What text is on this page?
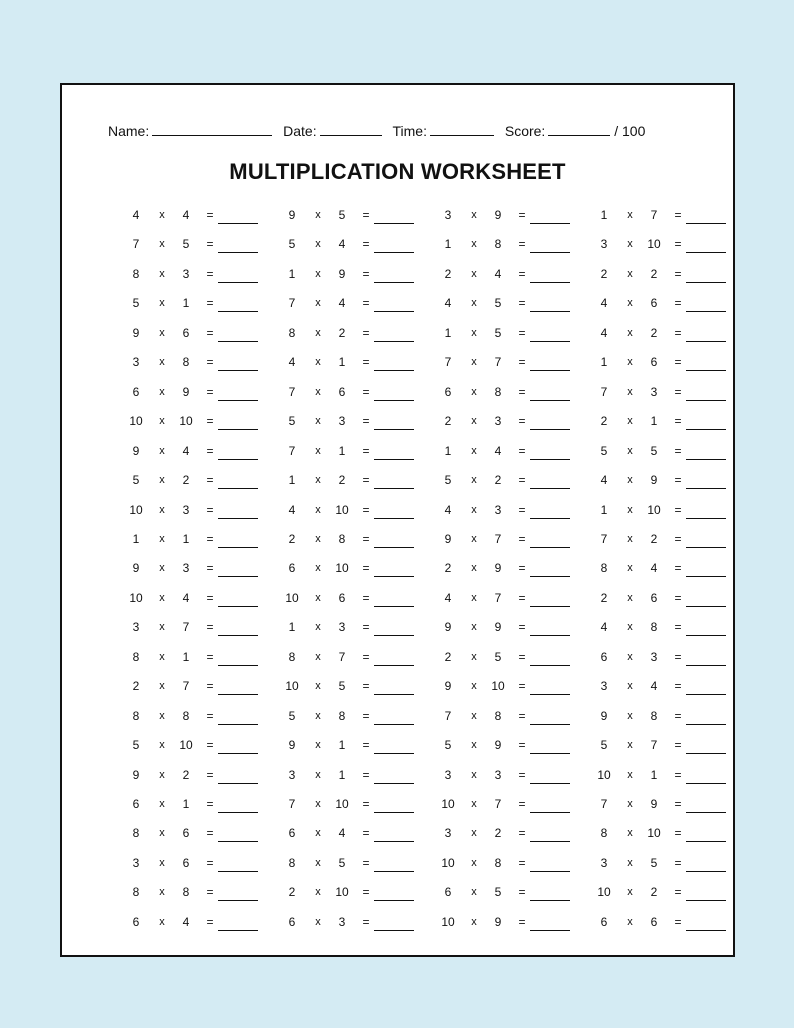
Name:	Date:	Time:	Score:	/ 100
MULTIPLICATION WORKSHEET
4	x	4	=
7	x	5	=
8	x	3	=
5	x	1	=
9	x	6	=
3	x	8	=
6	x	9	=
10	x	10	=
9	x	4	=
5	x	2	=
10	x	3	=
1	x	1	=
9	x	3	=
10	x	4	=
3	x	7	=
8	x	1	=
2	x	7	=
8	x	8	=
5	x	10	=
9	x	2	=
6	x	1	=
8	x	6	=
3	x	6	=
8	x	8	=
6	x	4	=
9	x	5	=
5	x	4	=
1	x	9	=
7	x	4	=
8	x	2	=
4	x	1	=
7	x	6	=
5	x	3	=
7	x	1	=
1	x	2	=
4	x	10	=
2	x	8	=
6	x	10	=
10	x	6	=
1	x	3	=
8	x	7	=
10	x	5	=
5	x	8	=
9	x	1	=
3	x	1	=
7	x	10	=
6	x	4	=
8	x	5	=
2	x	10	=
6	x	3	=
3	x	9	=
1	x	8	=
2	x	4	=
4	x	5	=
1	x	5	=
7	x	7	=
6	x	8	=
2	x	3	=
1	x	4	=
5	x	2	=
4	x	3	=
9	x	7	=
2	x	9	=
4	x	7	=
9	x	9	=
2	x	5	=
9	x	10	=
7	x	8	=
5	x	9	=
3	x	3	=
10	x	7	=
3	x	2	=
10	x	8	=
6	x	5	=
10	x	9	=
1	x	7	=
3	x	10	=
2	x	2	=
4	x	6	=
4	x	2	=
1	x	6	=
7	x	3	=
2	x	1	=
5	x	5	=
4	x	9	=
1	x	10	=
7	x	2	=
8	x	4	=
2	x	6	=
4	x	8	=
6	x	3	=
3	x	4	=
9	x	8	=
5	x	7	=
10	x	1	=
7	x	9	=
8	x	10	=
3	x	5	=
10	x	2	=
6	x	6	=
